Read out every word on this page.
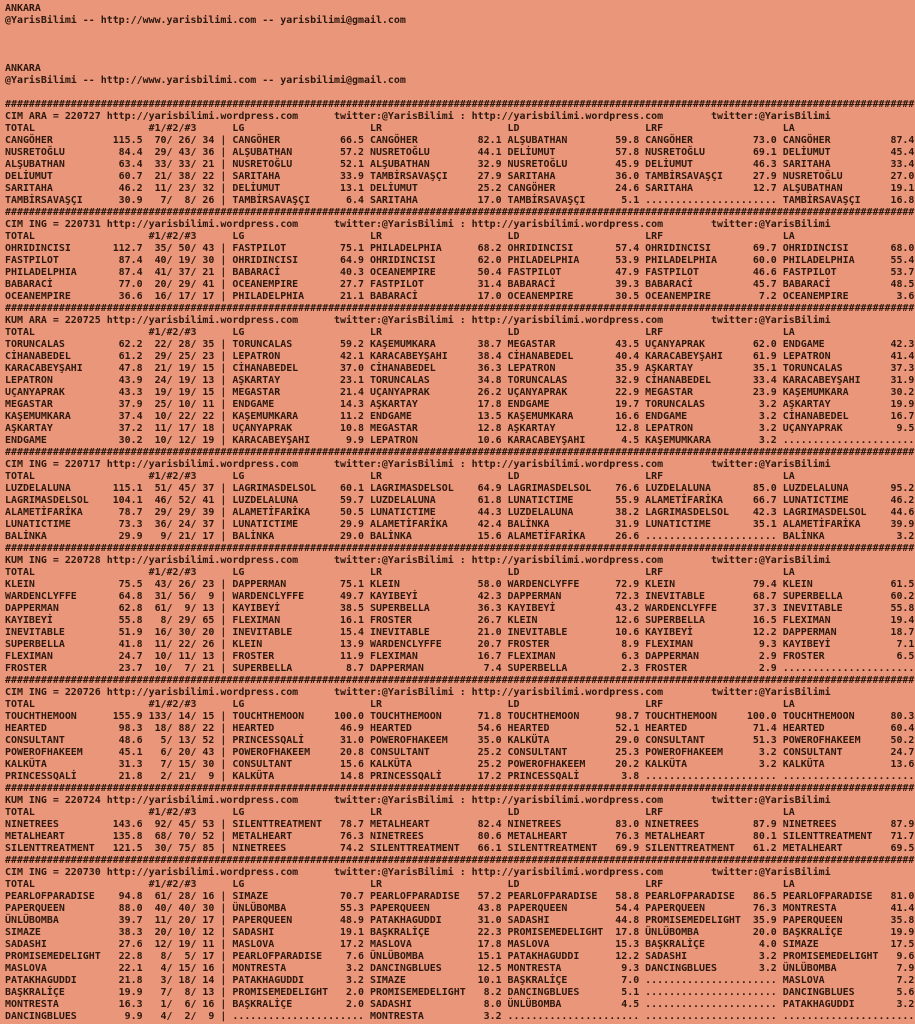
ANKARA
@YarisBilimi -- http://www.yarisbilimi.com -- yarisbilimi@gmail.com
ANKARA
@YarisBilimi -- http://www.yarisbilimi.com -- yarisbilimi@gmail.com
########################################################################################################################################################
CIM ARA = 220727 http://yarisbilimi.wordpress.com      twitter:@YarisBilimi : http://yarisbilimi.wordpress.com        twitter:@YarisBilimi
TOTAL                   #1/#2/#3      LG                     LR                     LD                     LRF                    LA
CANGÖHER          115.5  70/ 26/ 34 | CANGÖHER          66.5 CANGÖHER          82.1 ALŞUBATHAN        59.8 CANGÖHER          73.0 CANGÖHER          87.4
NUSRETOĞLU         84.4  29/ 43/ 36 | ALŞUBATHAN        57.2 NUSRETOĞLU        44.1 DELİUMUT          57.8 NUSRETOĞLU        69.1 DELİUMUT          45.4
ALŞUBATHAN         63.4  33/ 33/ 21 | NUSRETOĞLU        52.1 ALŞUBATHAN        32.9 NUSRETOĞLU        45.9 DELİUMUT          46.3 SARITAHA          33.4
DELİUMUT           60.7  21/ 38/ 22 | SARITAHA          33.9 TAMBİRSAVAŞÇI     27.9 SARITAHA          36.0 TAMBİRSAVAŞÇI     27.9 NUSRETOĞLU        27.0
SARITAHA           46.2  11/ 23/ 32 | DELİUMUT          13.1 DELİUMUT          25.2 CANGÖHER          24.6 SARITAHA          12.7 ALŞUBATHAN        19.1
TAMBİRSAVAŞÇI      30.9   7/  8/ 26 | TAMBİRSAVAŞÇI      6.4 SARITAHA          17.0 TAMBİRSAVAŞÇI      5.1 ...................... TAMBİRSAVAŞÇI     16.8
########################################################################################################################################################
CIM ING = 220731 http://yarisbilimi.wordpress.com      twitter:@YarisBilimi : http://yarisbilimi.wordpress.com        twitter:@YarisBilimi
TOTAL                   #1/#2/#3      LG                     LR                     LD                     LRF                    LA
OHRIDINCISI       112.7  35/ 50/ 43 | FASTPILOT         75.1 PHILADELPHIA      68.2 OHRIDINCISI       57.4 OHRIDINCISI       69.7 OHRIDINCISI       68.0
FASTPILOT          87.4  40/ 19/ 30 | OHRIDINCISI       64.9 OHRIDINCISI       62.0 PHILADELPHIA      53.9 PHILADELPHIA      60.0 PHILADELPHIA      55.4
PHILADELPHIA       87.4  41/ 37/ 21 | BABARACİ          40.3 OCEANEMPIRE       50.4 FASTPILOT         47.9 FASTPILOT         46.6 FASTPILOT         53.7
BABARACİ           77.0  20/ 29/ 41 | OCEANEMPIRE       27.7 FASTPILOT         31.4 BABARACİ          39.3 BABARACİ          45.7 BABARACİ          48.5
OCEANEMPIRE        36.6  16/ 17/ 17 | PHILADELPHIA      21.1 BABARACİ          17.0 OCEANEMPIRE       30.5 OCEANEMPIRE        7.2 OCEANEMPIRE        3.6
########################################################################################################################################################
KUM ARA = 220725 http://yarisbilimi.wordpress.com      twitter:@YarisBilimi : http://yarisbilimi.wordpress.com        twitter:@YarisBilimi
TOTAL                   #1/#2/#3      LG                     LR                     LD                     LRF                    LA
TORUNCALAS         62.2  22/ 28/ 35 | TORUNCALAS        59.2 KAŞEMUMKARA       38.7 MEGASTAR          43.5 UÇANYAPRAK        62.0 ENDGAME           42.3
CİHANABEDEL        61.2  29/ 25/ 23 | LEPATRON          42.1 KARACABEYŞAHI     38.4 CİHANABEDEL       40.4 KARACABEYŞAHI     61.9 LEPATRON          41.4
KARACABEYŞAHI      47.8  21/ 19/ 15 | CİHANABEDEL       37.0 CİHANABEDEL       36.3 LEPATRON          35.9 AŞKARTAY          35.1 TORUNCALAS        37.3
LEPATRON           43.9  24/ 19/ 13 | AŞKARTAY          23.1 TORUNCALAS        34.8 TORUNCALAS        32.9 CİHANABEDEL       33.4 KARACABEYŞAHI     31.9
UÇANYAPRAK         43.3  19/ 19/ 15 | MEGASTAR          21.4 UÇANYAPRAK        26.2 UÇANYAPRAK        22.9 MEGASTAR          23.9 KAŞEMUMKARA       30.2
MEGASTAR           37.9  25/ 10/ 11 | ENDGAME           14.3 AŞKARTAY          17.8 ENDGAME           19.7 TORUNCALAS         3.2 AŞKARTAY          19.9
KAŞEMUMKARA        37.4  10/ 22/ 22 | KAŞEMUMKARA       11.2 ENDGAME           13.5 KAŞEMUMKARA       16.6 ENDGAME            3.2 CİHANABEDEL       16.7
AŞKARTAY           37.2  11/ 17/ 18 | UÇANYAPRAK        10.8 MEGASTAR          12.8 AŞKARTAY          12.8 LEPATRON           3.2 UÇANYAPRAK         9.5
ENDGAME            30.2  10/ 12/ 19 | KARACABEYŞAHI      9.9 LEPATRON          10.6 KARACABEYŞAHI      4.5 KAŞEMUMKARA        3.2 ......................
########################################################################################################################################################
CIM ING = 220717 http://yarisbilimi.wordpress.com      twitter:@YarisBilimi : http://yarisbilimi.wordpress.com        twitter:@YarisBilimi
TOTAL                   #1/#2/#3      LG                     LR                     LD                     LRF                    LA
LUZDELALUNA       115.1  51/ 45/ 37 | LAGRIMASDELSOL    60.1 LAGRIMASDELSOL    64.9 LAGRIMASDELSOL    76.6 LUZDELALUNA       85.0 LUZDELALUNA       95.2
LAGRIMASDELSOL    104.1  46/ 52/ 41 | LUZDELALUNA       59.7 LUZDELALUNA       61.8 LUNATICTIME       55.9 ALAMETİFARİKA     66.7 LUNATICTIME       46.2
ALAMETİFARİKA      78.7  29/ 29/ 39 | ALAMETİFARİKA     50.5 LUNATICTIME       44.3 LUZDELALUNA       38.2 LAGRIMASDELSOL    42.3 LAGRIMASDELSOL    44.6
LUNATICTIME        73.3  36/ 24/ 37 | LUNATICTIME       29.9 ALAMETİFARİKA     42.4 BALİNKA           31.9 LUNATICTIME       35.1 ALAMETİFARİKA     39.9
BALİNKA            29.9   9/ 21/ 17 | BALİNKA           29.0 BALİNKA           15.6 ALAMETİFARİKA     26.6 ...................... BALİNKA            3.2
########################################################################################################################################################
KUM ING = 220728 http://yarisbilimi.wordpress.com      twitter:@YarisBilimi : http://yarisbilimi.wordpress.com        twitter:@YarisBilimi
TOTAL                   #1/#2/#3      LG                     LR                     LD                     LRF                    LA
KLEIN              75.5  43/ 26/ 23 | DAPPERMAN         75.1 KLEIN             58.0 WARDENCLYFFE      72.9 KLEIN             79.4 KLEIN             61.5
WARDENCLYFFE       64.8  31/ 56/  9 | WARDENCLYFFE      49.7 KAYIBEYİ          42.3 DAPPERMAN         72.3 INEVITABLE        68.7 SUPERBELLA        60.2
DAPPERMAN          62.8  61/  9/ 13 | KAYIBEYİ          38.5 SUPERBELLA        36.3 KAYIBEYİ          43.2 WARDENCLYFFE      37.3 INEVITABLE        55.8
KAYIBEYİ           55.8   8/ 29/ 65 | FLEXIMAN          16.1 FROSTER           26.7 KLEIN             12.6 SUPERBELLA        16.5 FLEXIMAN          19.4
INEVITABLE         51.9  16/ 30/ 20 | INEVITABLE        15.4 INEVITABLE        21.0 INEVITABLE        10.6 KAYIBEYİ          12.2 DAPPERMAN         18.7
SUPERBELLA         41.8  11/ 22/ 26 | KLEIN             13.9 WARDENCLYFFE      20.7 FROSTER            8.9 FLEXIMAN           9.3 KAYIBEYİ           7.1
FLEXIMAN           24.7  10/ 11/ 13 | FROSTER           11.9 FLEXIMAN          16.7 FLEXIMAN           6.3 DAPPERMAN          2.9 FROSTER            6.5
FROSTER            23.7  10/  7/ 21 | SUPERBELLA         8.7 DAPPERMAN          7.4 SUPERBELLA         2.3 FROSTER            2.9 ......................
########################################################################################################################################################
CIM ING = 220726 http://yarisbilimi.wordpress.com      twitter:@YarisBilimi : http://yarisbilimi.wordpress.com        twitter:@YarisBilimi
TOTAL                   #1/#2/#3      LG                     LR                     LD                     LRF                    LA
TOUCHTHEMOON      155.9 133/ 14/ 15 | TOUCHTHEMOON     100.0 TOUCHTHEMOON      71.8 TOUCHTHEMOON      98.7 TOUCHTHEMOON     100.0 TOUCHTHEMOON      80.3
HEARTED            98.3  18/ 88/ 22 | HEARTED           46.9 HEARTED           54.6 HEARTED           52.1 HEARTED           71.4 HEARTED           60.4
CONSULTANT         48.6   5/ 13/ 52 | PRINCESSQALİ      31.0 POWEROFHAKEEM     35.0 KALKÜTA           29.0 CONSULTANT        51.3 POWEROFHAKEEM     50.2
POWEROFHAKEEM      45.1   6/ 20/ 43 | POWEROFHAKEEM     20.8 CONSULTANT        25.2 CONSULTANT        25.3 POWEROFHAKEEM      3.2 CONSULTANT        24.7
KALKÜTA            31.3   7/ 15/ 30 | CONSULTANT        15.6 KALKÜTA           25.2 POWEROFHAKEEM     20.2 KALKÜTA            3.2 KALKÜTA           13.6
PRINCESSQALİ       21.8   2/ 21/  9 | KALKÜTA           14.8 PRINCESSQALİ      17.2 PRINCESSQALİ       3.8 ...................... ......................
########################################################################################################################################################
KUM ING = 220724 http://yarisbilimi.wordpress.com      twitter:@YarisBilimi : http://yarisbilimi.wordpress.com        twitter:@YarisBilimi
TOTAL                   #1/#2/#3      LG                     LR                     LD                     LRF                    LA
NINETREES         143.6  92/ 45/ 53 | SILENTTREATMENT   78.7 METALHEART        82.4 NINETREES         83.0 NINETREES         87.9 NINETREES         87.9
METALHEART        135.8  68/ 70/ 52 | METALHEART        76.3 NINETREES         80.6 METALHEART        76.3 METALHEART        80.1 SILENTTREATMENT   71.7
SILENTTREATMENT   121.5  30/ 75/ 85 | NINETREES         74.2 SILENTTREATMENT   66.1 SILENTTREATMENT   69.9 SILENTTREATMENT   61.2 METALHEART        69.5
########################################################################################################################################################
CIM ING = 220730 http://yarisbilimi.wordpress.com      twitter:@YarisBilimi : http://yarisbilimi.wordpress.com        twitter:@YarisBilimi
TOTAL                   #1/#2/#3      LG                     LR                     LD                     LRF                    LA
PEARLOFPARADISE    94.8  61/ 28/ 16 | SIMAZE            70.7 PEARLOFPARADISE   57.2 PEARLOFPARADISE   58.8 PEARLOFPARADISE   86.5 PEARLOFPARADISE   81.0
PAPERQUEEN         88.0  40/ 40/ 30 | ÜNLÜBOMBA         55.3 PAPERQUEEN        43.8 PAPERQUEEN        54.4 PAPERQUEEN        76.3 MONTRESTA         41.4
ÜNLÜBOMBA          39.7  11/ 20/ 17 | PAPERQUEEN        48.9 PATAKHAGUDDI      31.0 SADASHI           44.8 PROMISEMEDELIGHT  35.9 PAPERQUEEN        35.8
SIMAZE             38.3  20/ 10/ 12 | SADASHI           19.1 BAŞKRALİÇE        22.3 PROMISEMEDELIGHT  17.8 ÜNLÜBOMBA         20.0 BAŞKRALİÇE        19.9
SADASHI            27.6  12/ 19/ 11 | MASLOVA           17.2 MASLOVA           17.8 MASLOVA           15.3 BAŞKRALİÇE         4.0 SIMAZE            17.5
PROMISEMEDELIGHT   22.8   8/  5/ 17 | PEARLOFPARADISE    7.6 ÜNLÜBOMBA         15.1 PATAKHAGUDDI      12.2 SADASHI            3.2 PROMISEMEDELIGHT   9.6
MASLOVA            22.1   4/ 15/ 16 | MONTRESTA          3.2 DANCINGBLUES      12.5 MONTRESTA          9.3 DANCINGBLUES       3.2 ÜNLÜBOMBA          7.9
PATAKHAGUDDI       21.8   3/ 18/ 14 | PATAKHAGUDDI       3.2 SIMAZE            10.1 BAŞKRALİÇE         7.0 ...................... MASLOVA            7.2
BAŞKRALİÇE         19.9   7/  8/ 13 | PROMISEMEDELIGHT   2.0 PROMISEMEDELIGHT   8.2 DANCINGBLUES       5.1 ...................... DANCINGBLUES       5.6
MONTRESTA          16.3   1/  6/ 16 | BAŞKRALİÇE         2.0 SADASHI            8.0 ÜNLÜBOMBA          4.5 ...................... PATAKHAGUDDI       3.2
DANCINGBLUES        9.9   4/  2/  9 | ...................... MONTRESTA          3.2 ...................... ...................... ......................
